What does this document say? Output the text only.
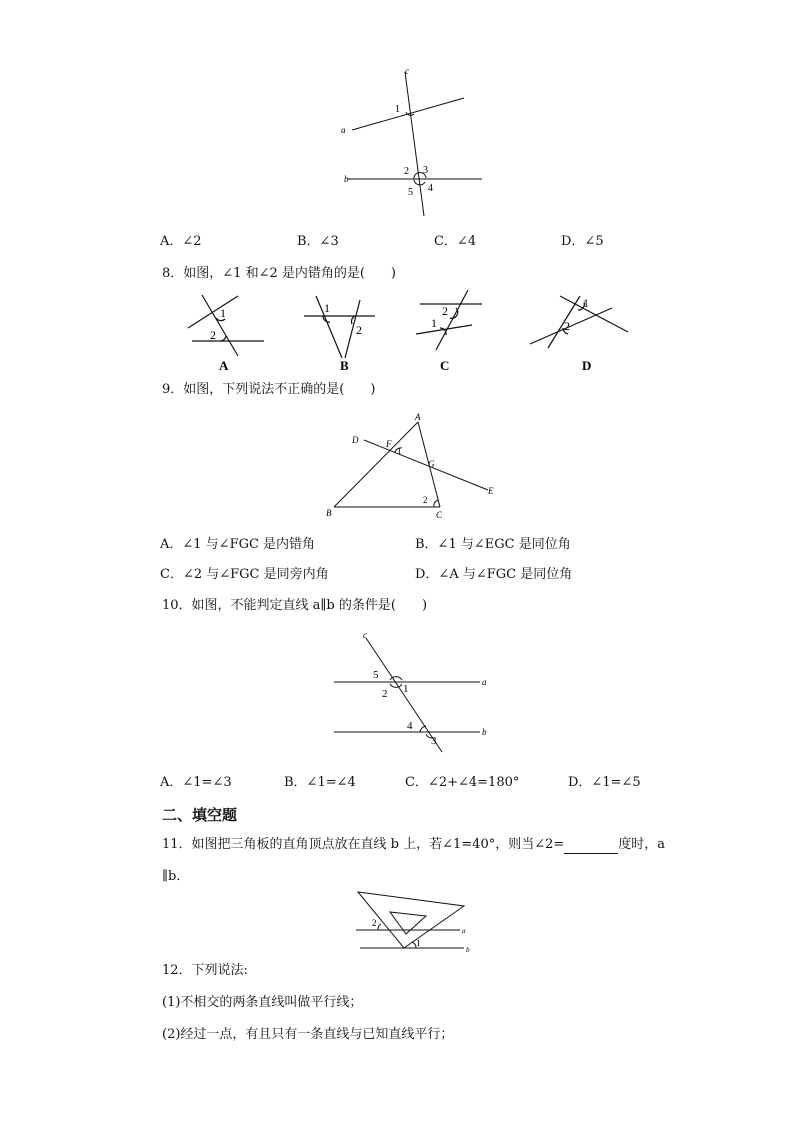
c
a
b
1
2 3
4
5
A．∠2	B．∠3	C．∠4	D．∠5
8．如图，∠1 和∠2 是内错角的是(　　)
1
2
1
2
2
1
1
2
A	B	C	D
9．如图，下列说法不正确的是(　　)
A
B	C
D
E
F
G
1
2
A．∠1 与∠FGC 是内错角	B．∠1 与∠EGC 是同位角
C．∠2 与∠FGC 是同旁内角	D．∠A 与∠FGC 是同位角
10．如图，不能判定直线 a∥b 的条件是(　　)
c
a
b
5
2 1
4
3
A．∠1=∠3	B．∠1=∠4	C．∠2+∠4=180°	D．∠1=∠5
二、填空题
11．如图把三角板的直角顶点放在直线 b 上，若∠1=40°，则当∠2=	度时，a
∥b．
a
b
2
1
12．下列说法:
(1)不相交的两条直线叫做平行线；
(2)经过一点，有且只有一条直线与已知直线平行；
